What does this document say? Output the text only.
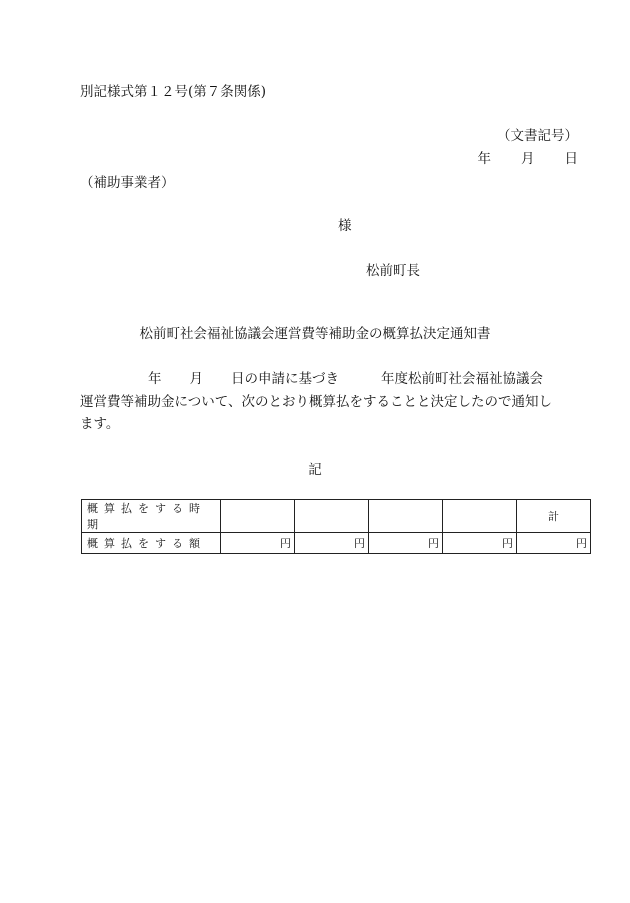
別記様式第１２号(第７条関係)
（文書記号）
年 月 日
（補助事業者）
様
松前町長
松前町社会福祉協議会運営費等補助金の概算払決定通知書
年 月 日の申請に基づき	年度松前町社会福祉協議会
運営費等補助金について、次のとおり概算払をすることと決定したので通知し
ます。
記
概算払をする時期					計
概算払をする額	円	円	円	円	円
